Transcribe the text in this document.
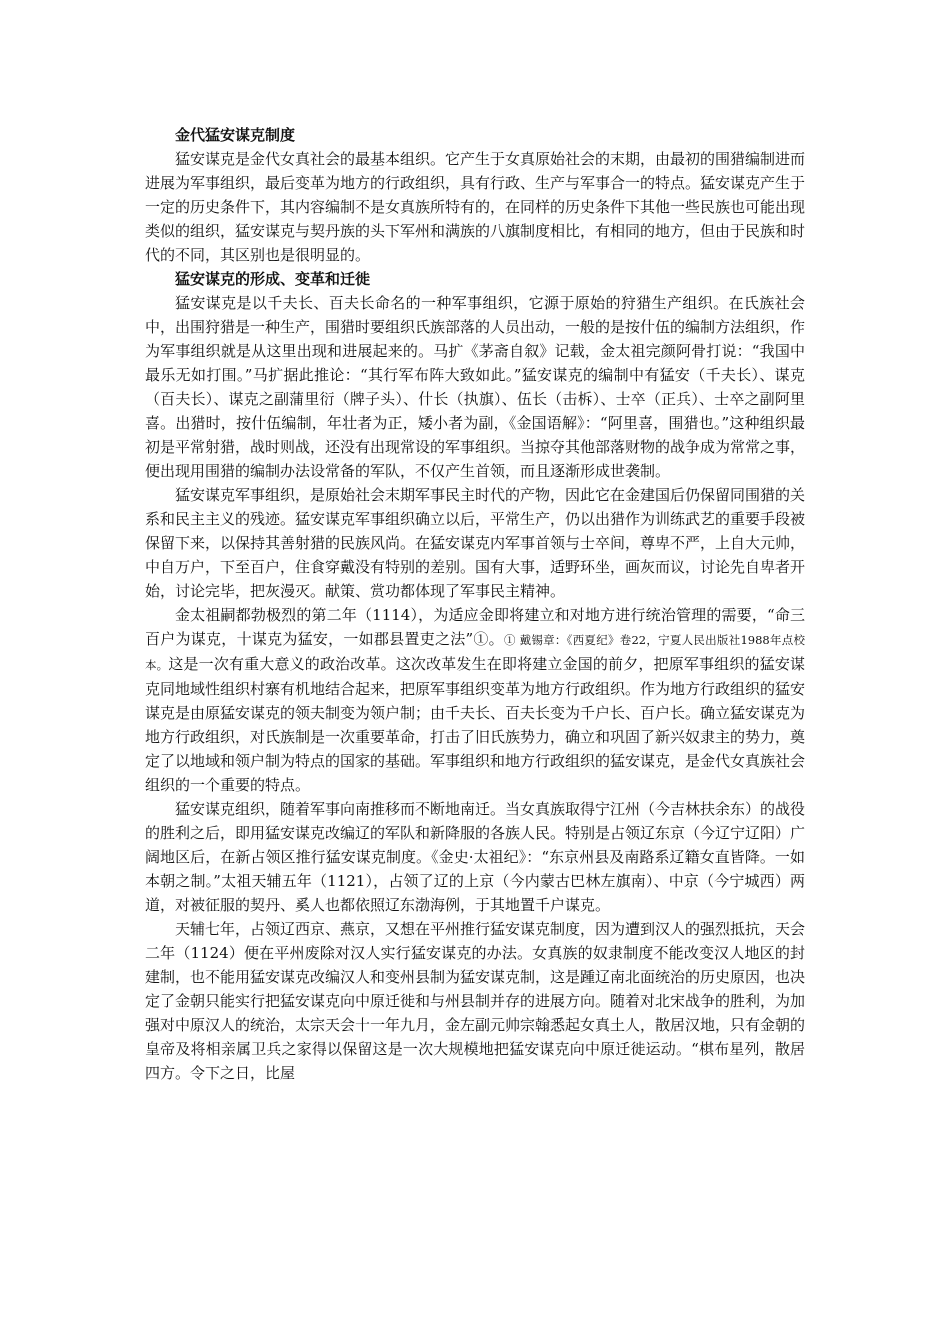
金代猛安谋克制度

猛安谋克是金代女真社会的最基本组织。它产生于女真原始社会的末期，由最初的围猎编制进而进展为军事组织，最后变革为地方的行政组织，具有行政、生产与军事合一的特点。猛安谋克产生于一定的历史条件下，其内容编制不是女真族所特有的，在同样的历史条件下其他一些民族也可能出现类似的组织，猛安谋克与契丹族的头下军州和满族的八旗制度相比，有相同的地方，但由于民族和时代的不同，其区别也是很明显的。

猛安谋克的形成、变革和迁徙

猛安谋克是以千夫长、百夫长命名的一种军事组织，它源于原始的狩猎生产组织。在氏族社会中，出围狩猎是一种生产，围猎时要组织氏族部落的人员出动，一般的是按什伍的编制方法组织，作为军事组织就是从这里出现和进展起来的。马扩《茅斋自叙》记载，金太祖完颜阿骨打说：“我国中最乐无如打围。”马扩据此推论：“其行军布阵大致如此。”猛安谋克的编制中有猛安（千夫长）、谋克（百夫长）、谋克之副蒲里衍（牌子头）、什长（执旗）、伍长（击柝）、士卒（正兵）、士卒之副阿里喜。出猎时，按什伍编制，年壮者为正，矮小者为副，《金国语解》：“阿里喜，围猎也。”这种组织最初是平常射猎，战时则战，还没有出现常设的军事组织。当掠夺其他部落财物的战争成为常常之事，便出现用围猎的编制办法设常备的军队，不仅产生首领，而且逐渐形成世袭制。

猛安谋克军事组织，是原始社会末期军事民主时代的产物，因此它在金建国后仍保留同围猎的关系和民主主义的残迹。猛安谋克军事组织确立以后，平常生产，仍以出猎作为训练武艺的重要手段被保留下来，以保持其善射猎的民族风尚。在猛安谋克内军事首领与士卒间，尊卑不严，上自大元帅，中自万户，下至百户，住食穿戴没有特别的差别。国有大事，适野环坐，画灰而议，讨论先自卑者开始，讨论完毕，把灰漫灭。献策、赏功都体现了军事民主精神。

金太祖嗣都勃极烈的第二年（1114），为适应金即将建立和对地方进行统治管理的需要，“命三百户为谋克，十谋克为猛安，一如郡县置吏之法”①。① 戴锡章：《西夏纪》卷22，宁夏人民出版社1988年点校本。这是一次有重大意义的政治改革。这次改革发生在即将建立金国的前夕，把原军事组织的猛安谋克同地域性组织村寨有机地结合起来，把原军事组织变革为地方行政组织。作为地方行政组织的猛安谋克是由原猛安谋克的领夫制变为领户制；由千夫长、百夫长变为千户长、百户长。确立猛安谋克为地方行政组织，对氏族制是一次重要革命，打击了旧氏族势力，确立和巩固了新兴奴隶主的势力，奠定了以地域和领户制为特点的国家的基础。军事组织和地方行政组织的猛安谋克，是金代女真族社会组织的一个重要的特点。

猛安谋克组织，随着军事向南推移而不断地南迁。当女真族取得宁江州（今吉林扶余东）的战役的胜利之后，即用猛安谋克改编辽的军队和新降服的各族人民。特别是占领辽东京（今辽宁辽阳）广阔地区后，在新占领区推行猛安谋克制度。《金史·太祖纪》：“东京州县及南路系辽籍女直皆降。一如本朝之制。”太祖天辅五年（1121），占领了辽的上京（今内蒙古巴林左旗南）、中京（今宁城西）两道，对被征服的契丹、奚人也都依照辽东渤海例，于其地置千户谋克。

天辅七年，占领辽西京、燕京，又想在平州推行猛安谋克制度，因为遭到汉人的强烈抵抗，天会二年（1124）便在平州废除对汉人实行猛安谋克的办法。女真族的奴隶制度不能改变汉人地区的封建制，也不能用猛安谋克改编汉人和变州县制为猛安谋克制，这是踵辽南北面统治的历史原因，也决定了金朝只能实行把猛安谋克向中原迁徙和与州县制并存的进展方向。随着对北宋战争的胜利，为加强对中原汉人的统治，太宗天会十一年九月，金左副元帅宗翰悉起女真土人，散居汉地，只有金朝的皇帝及将相亲属卫兵之家得以保留这是一次大规模地把猛安谋克向中原迁徙运动。“棋布星列，散居四方。令下之日，比屋
